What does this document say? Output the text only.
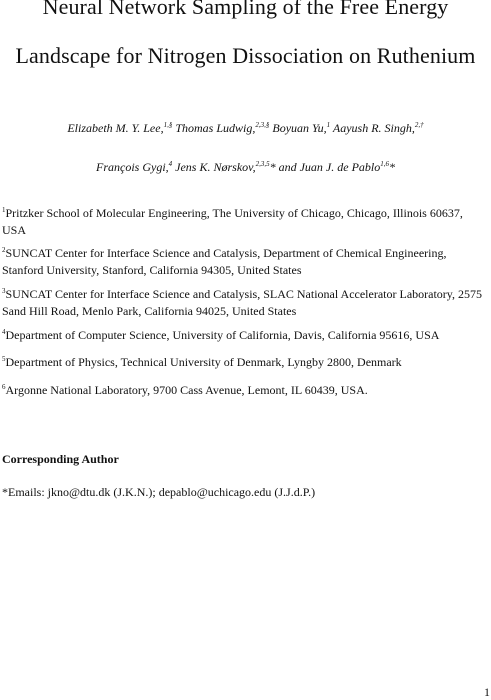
Neural Network Sampling of the Free Energy
Landscape for Nitrogen Dissociation on Ruthenium
Elizabeth M. Y. Lee,$^{1,\S}$ Thomas Ludwig,$^{2,3,\S}$ Boyuan Yu,$^1$ Aayush R. Singh,$^{2,\dagger}$
François Gygi,$^4$ Jens K. Nørskov,$^{2,3,5}$* and Juan J. de Pablo$^{1,6}$*
$^1$Pritzker School of Molecular Engineering, The University of Chicago, Chicago, Illinois 60637, USA
$^2$SUNCAT Center for Interface Science and Catalysis, Department of Chemical Engineering, Stanford University, Stanford, California 94305, United States
$^3$SUNCAT Center for Interface Science and Catalysis, SLAC National Accelerator Laboratory, 2575 Sand Hill Road, Menlo Park, California 94025, United States
$^4$Department of Computer Science, University of California, Davis, California 95616, USA
$^5$Department of Physics, Technical University of Denmark, Lyngby 2800, Denmark
$^6$Argonne National Laboratory, 9700 Cass Avenue, Lemont, IL 60439, USA.
Corresponding Author
*Emails: jkno@dtu.dk (J.K.N.); depablo@uchicago.edu (J.J.d.P.)
1
